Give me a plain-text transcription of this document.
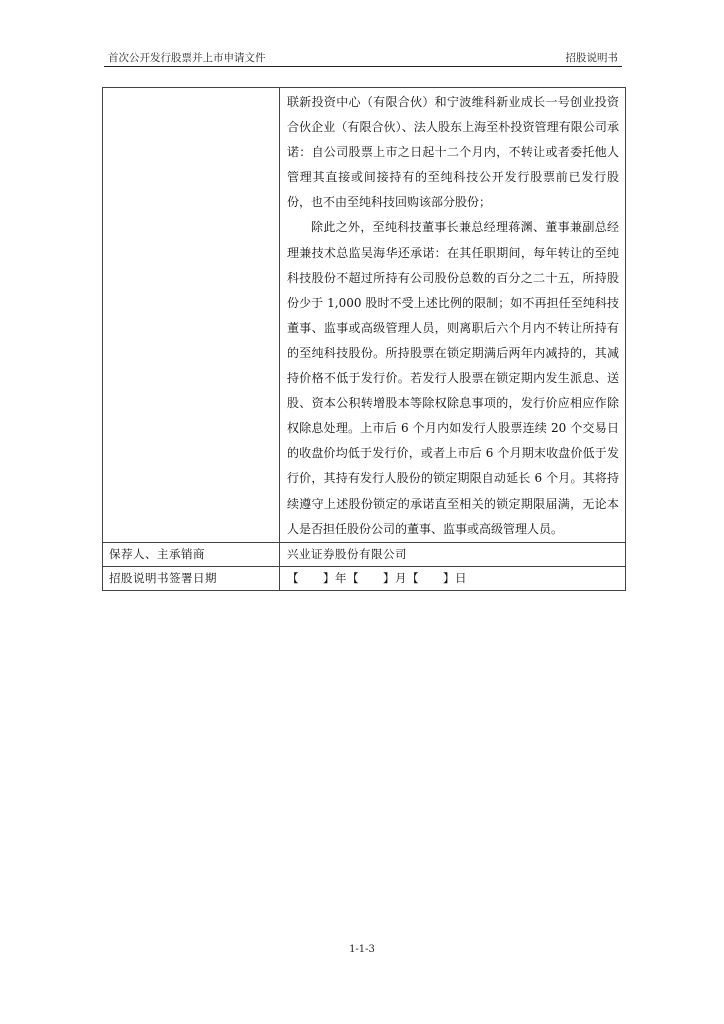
首次公开发行股票并上市申请文件	招股说明书

	联新投资中心（有限合伙）和宁波维科新业成长一号创业投资合伙企业（有限合伙）、法人股东上海至朴投资管理有限公司承诺：自公司股票上市之日起十二个月内，不转让或者委托他人管理其直接或间接持有的至纯科技公开发行股票前已发行股份，也不由至纯科技回购该部分股份；

除此之外，至纯科技董事长兼总经理蒋渊、董事兼副总经理兼技术总监吴海华还承诺：在其任职期间，每年转让的至纯科技股份不超过所持有公司股份总数的百分之二十五，所持股份少于 1,000 股时不受上述比例的限制；如不再担任至纯科技董事、监事或高级管理人员，则离职后六个月内不转让所持有的至纯科技股份。所持股票在锁定期满后两年内减持的，其减持价格不低于发行价。若发行人股票在锁定期内发生派息、送股、资本公积转增股本等除权除息事项的，发行价应相应作除权除息处理。上市后 6 个月内如发行人股票连续 20 个交易日的收盘价均低于发行价，或者上市后 6 个月期末收盘价低于发行价，其持有发行人股份的锁定期限自动延长 6 个月。其将持续遵守上述股份锁定的承诺直至相关的锁定期限届满，无论本人是否担任股份公司的董事、监事或高级管理人员。

保荐人、主承销商	兴业证券股份有限公司

招股说明书签署日期	【　　】年【　　】月【　　】日
1-1-3
